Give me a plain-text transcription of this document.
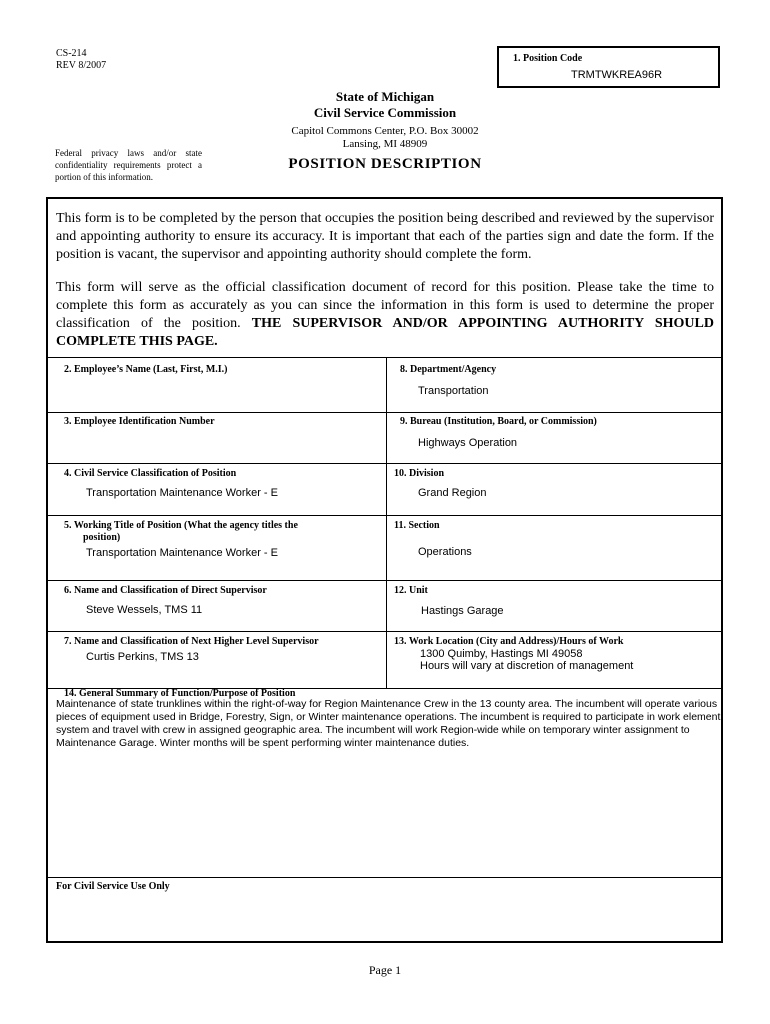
CS-214
REV 8/2007
1. Position Code
TRMTWKREA96R
State of Michigan
Civil Service Commission
Capitol Commons Center, P.O. Box 30002
Lansing, MI 48909
Federal privacy laws and/or state confidentiality requirements protect a portion of this information.
POSITION DESCRIPTION
This form is to be completed by the person that occupies the position being described and reviewed by the supervisor and appointing authority to ensure its accuracy. It is important that each of the parties sign and date the form. If the position is vacant, the supervisor and appointing authority should complete the form.
This form will serve as the official classification document of record for this position. Please take the time to complete this form as accurately as you can since the information in this form is used to determine the proper classification of the position. THE SUPERVISOR AND/OR APPOINTING AUTHORITY SHOULD COMPLETE THIS PAGE.
2. Employee’s Name (Last, First, M.I.)	8. Department/Agency
Transportation
3. Employee Identification Number	9. Bureau (Institution, Board, or Commission)
Highways Operation
4. Civil Service Classification of Position
Transportation Maintenance Worker - E
10. Division
Grand Region
5. Working Title of Position (What the agency titles the
position)
Transportation Maintenance Worker - E
11. Section
Operations
6. Name and Classification of Direct Supervisor
Steve Wessels, TMS 11
12. Unit
Hastings Garage
7. Name and Classification of Next Higher Level Supervisor
Curtis Perkins, TMS 13
13. Work Location (City and Address)/Hours of Work
1300 Quimby, Hastings MI 49058
Hours will vary at discretion of management
14. General Summary of Function/Purpose of Position
Maintenance of state trunklines within the right-of-way for Region Maintenance Crew in the 13 county area. The incumbent will operate various pieces of equipment used in Bridge, Forestry, Sign, or Winter maintenance operations. The incumbent is required to participate in work element system and travel with crew in assigned geographic area. The incumbent will work Region-wide while on temporary winter assignment to Maintenance Garage. Winter months will be spent performing winter maintenance duties.
For Civil Service Use Only
Page 1
